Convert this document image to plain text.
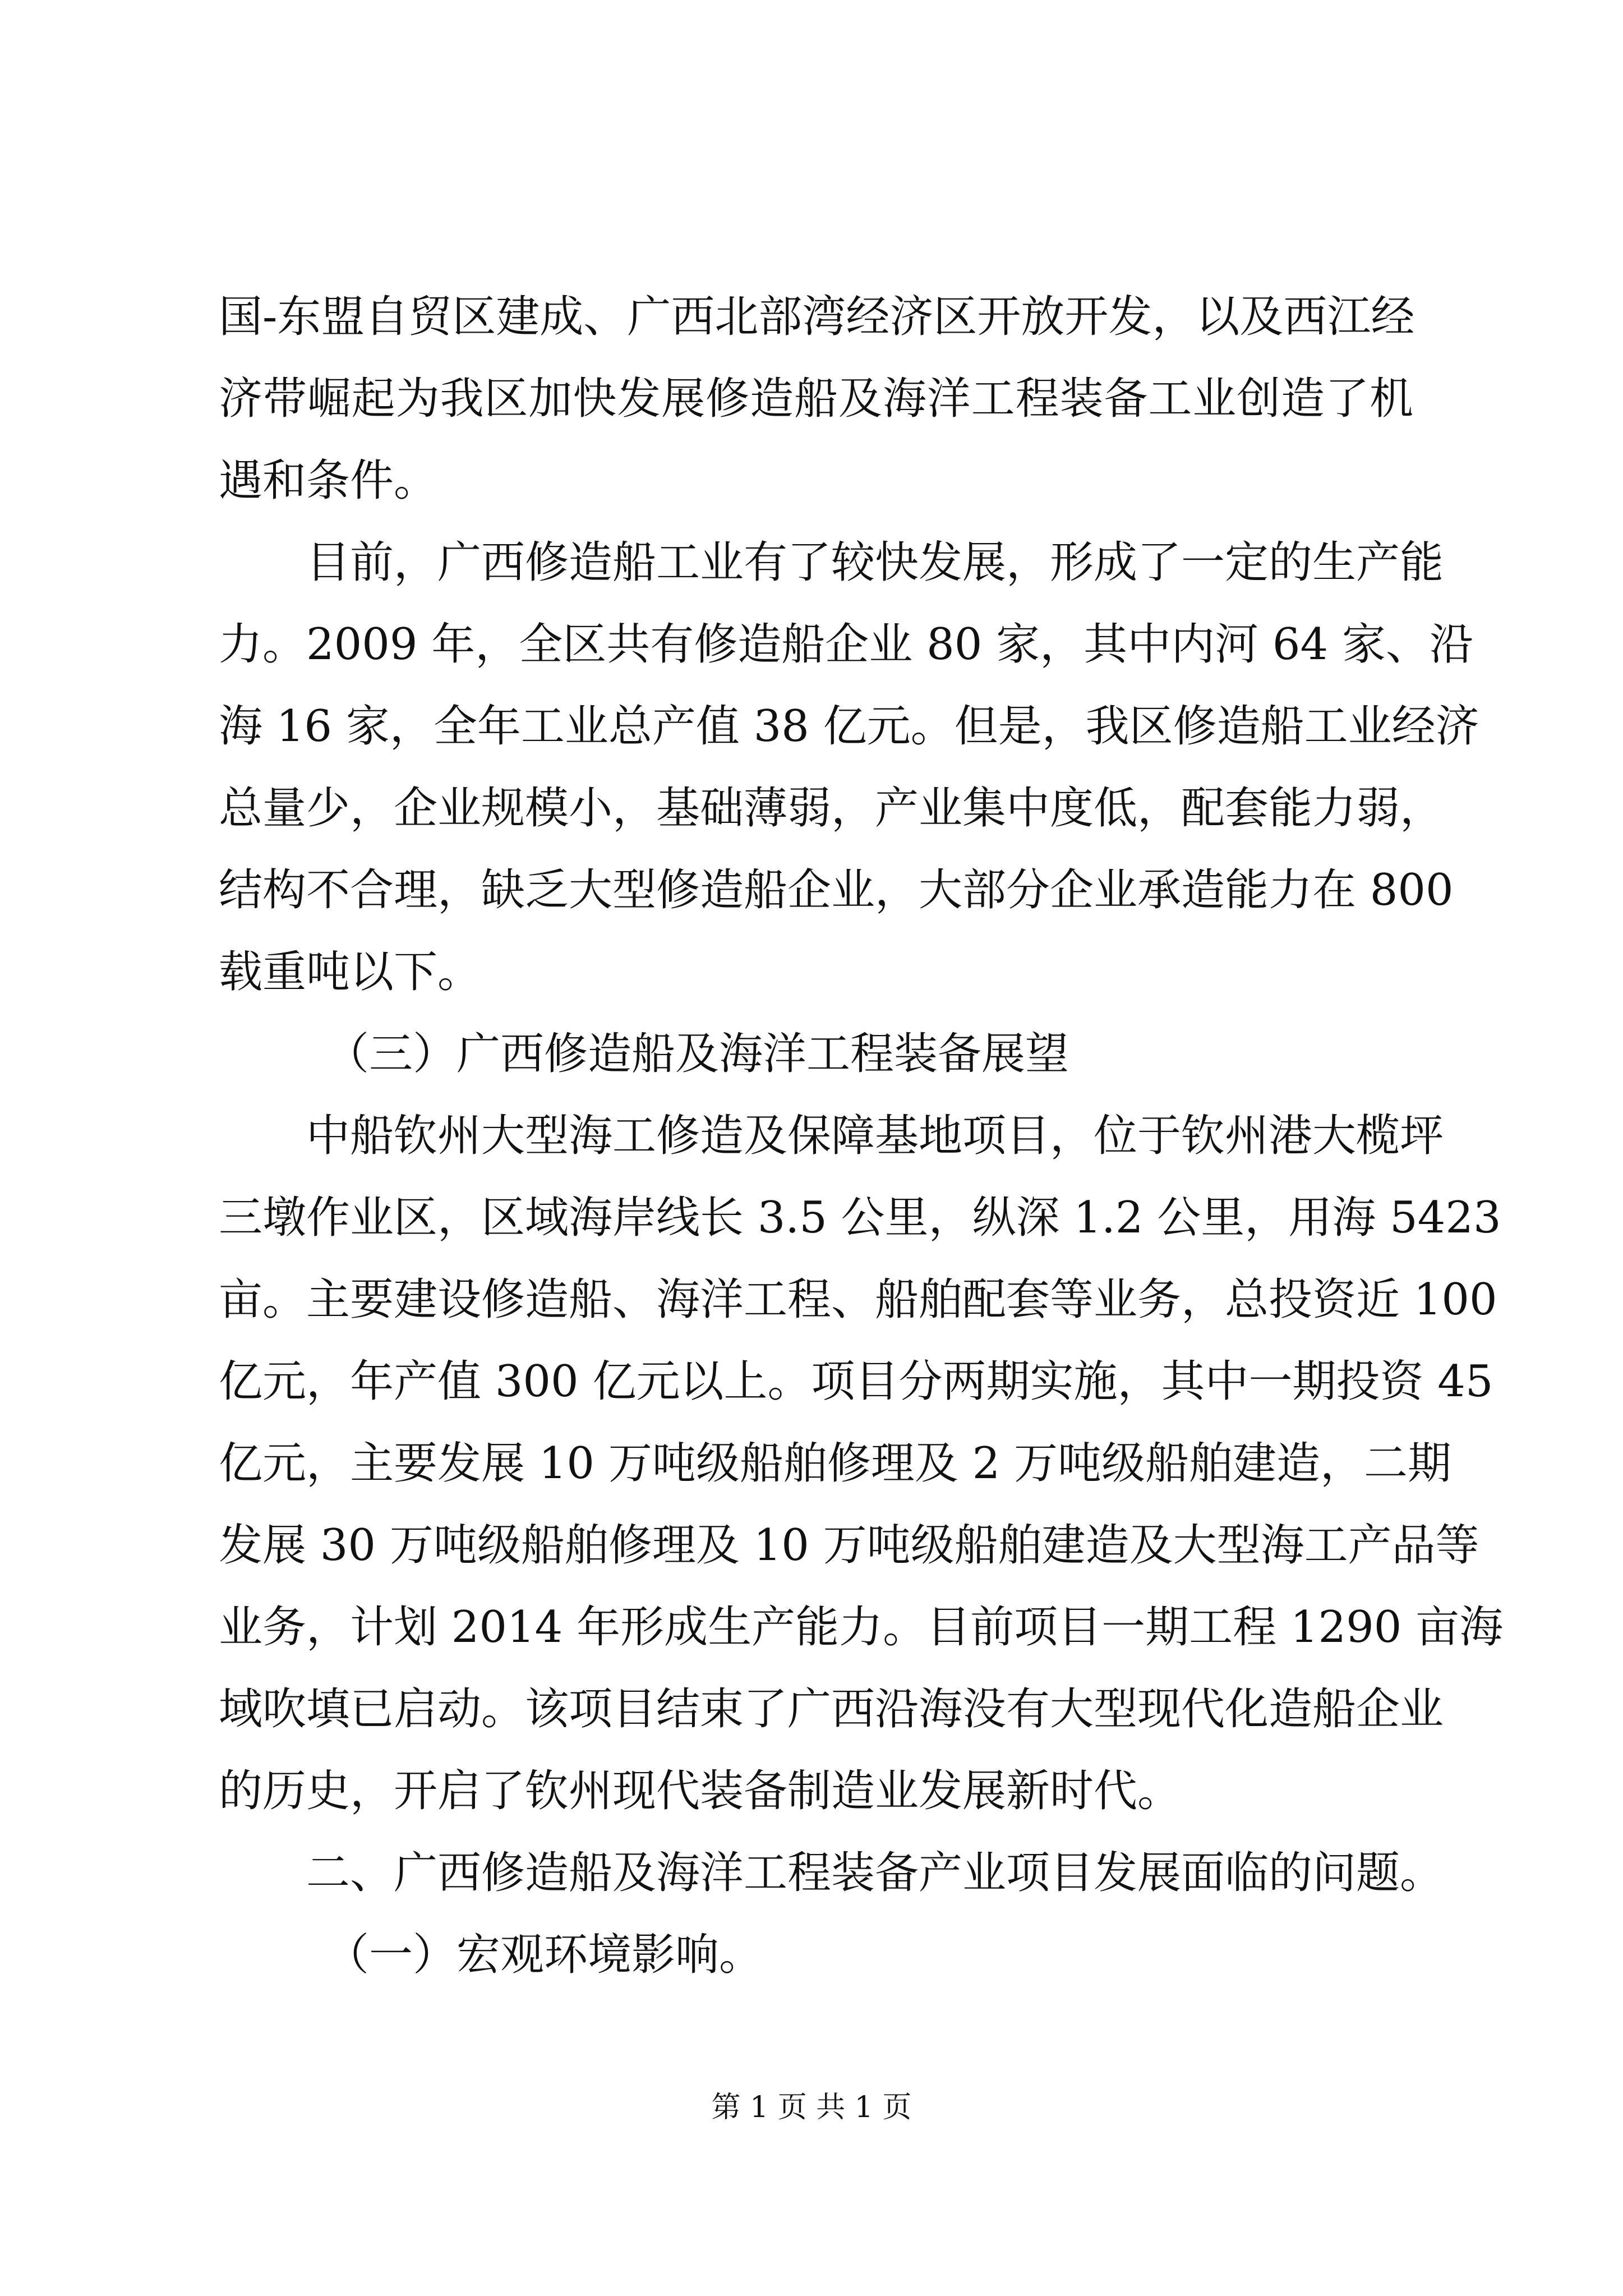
国-东盟自贸区建成、广西北部湾经济区开放开发，以及西江经
济带崛起为我区加快发展修造船及海洋工程装备工业创造了机
遇和条件。
目前，广西修造船工业有了较快发展，形成了一定的生产能
力。2009 年，全区共有修造船企业 80 家，其中内河 64 家、沿
海 16 家，全年工业总产值 38 亿元。但是，我区修造船工业经济
总量少，企业规模小，基础薄弱，产业集中度低，配套能力弱，
结构不合理，缺乏大型修造船企业，大部分企业承造能力在 800
载重吨以下。
（三）广西修造船及海洋工程装备展望
中船钦州大型海工修造及保障基地项目，位于钦州港大榄坪
三墩作业区，区域海岸线长 3.5 公里，纵深 1.2 公里，用海 5423
亩。主要建设修造船、海洋工程、船舶配套等业务，总投资近 100
亿元，年产值 300 亿元以上。项目分两期实施，其中一期投资 45
亿元，主要发展 10 万吨级船舶修理及 2 万吨级船舶建造，二期
发展 30 万吨级船舶修理及 10 万吨级船舶建造及大型海工产品等
业务，计划 2014 年形成生产能力。目前项目一期工程 1290 亩海
域吹填已启动。该项目结束了广西沿海没有大型现代化造船企业
的历史，开启了钦州现代装备制造业发展新时代。
二、广西修造船及海洋工程装备产业项目发展面临的问题。
（一）宏观环境影响。
第 1 页 共 1 页
